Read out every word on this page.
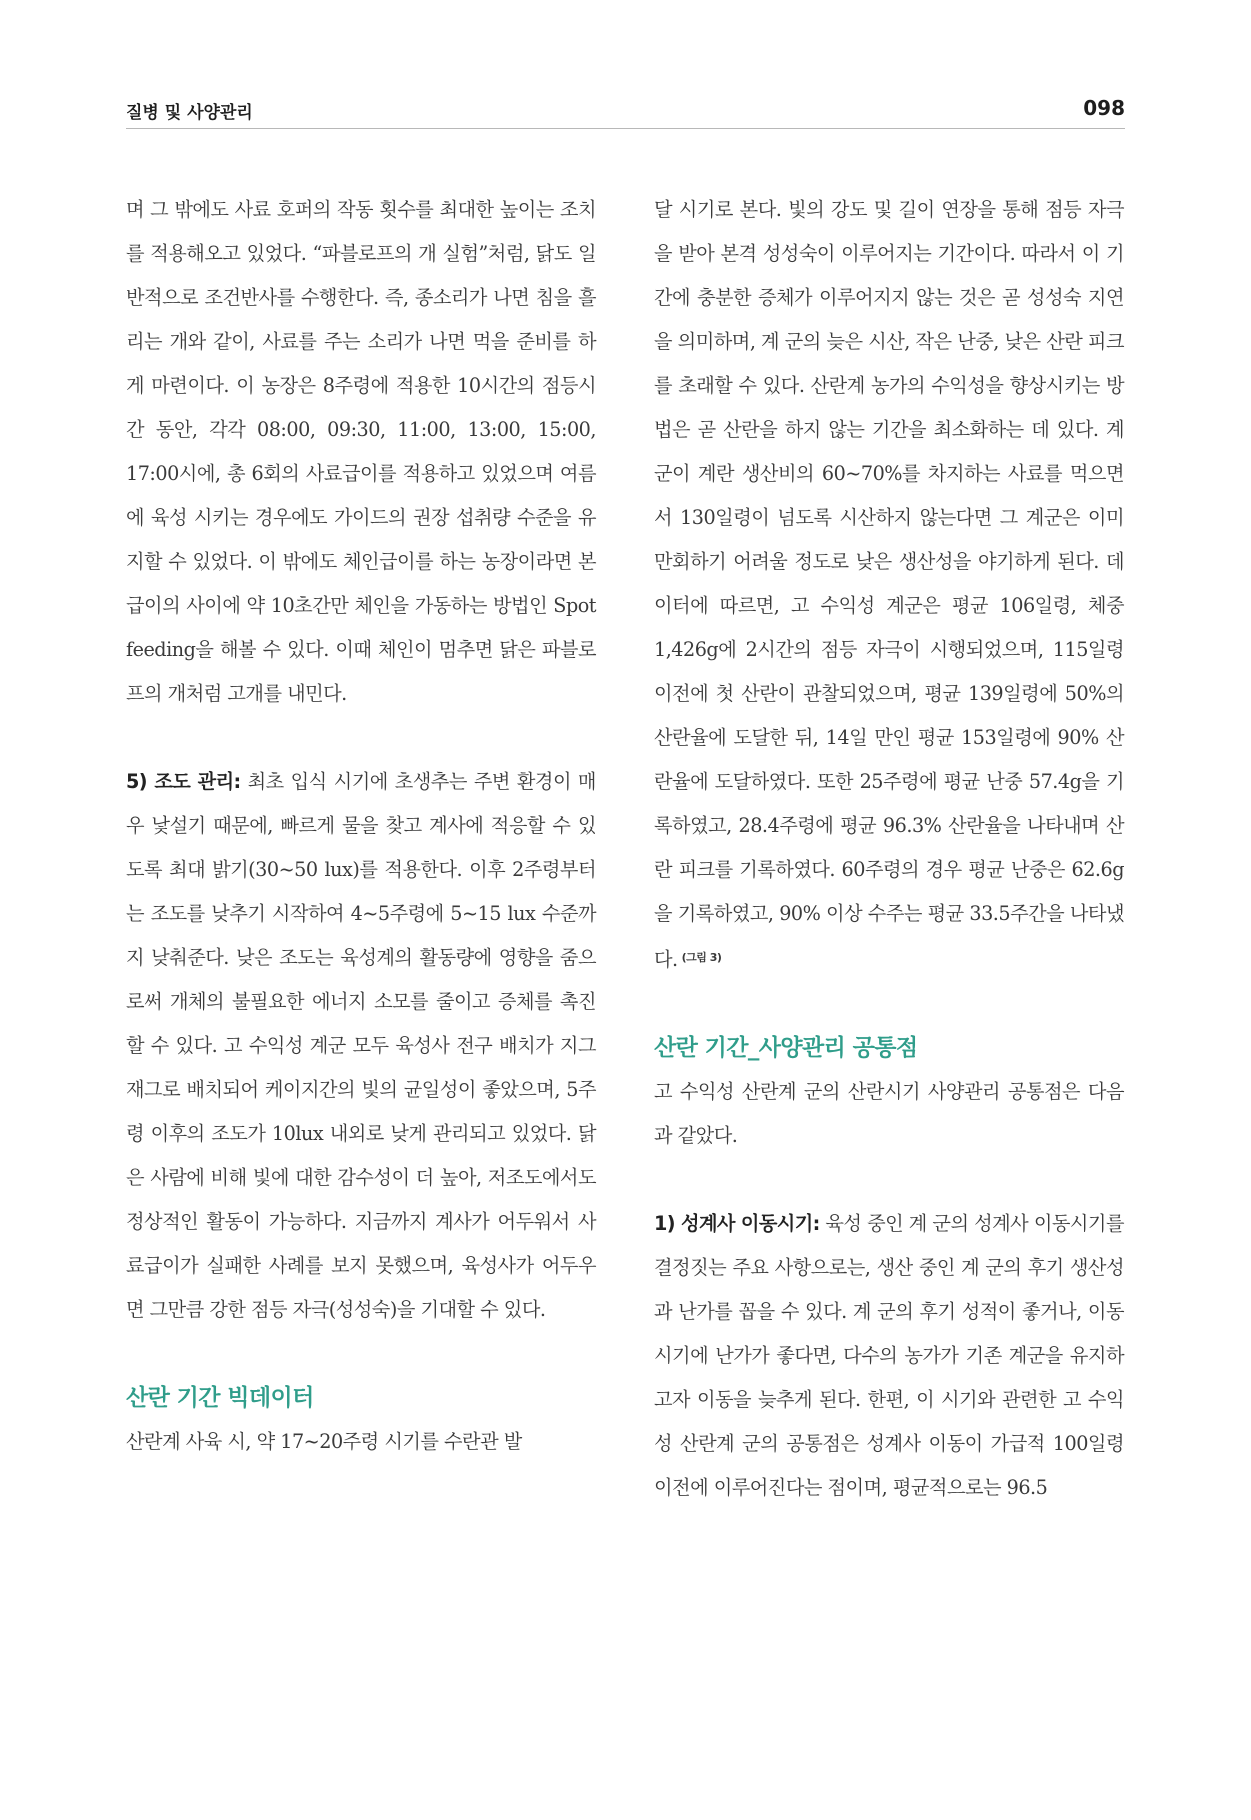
질병 및 사양관리	098

며 그 밖에도 사료 호퍼의 작동 횟수를 최대한 높이는 조치를 적용해오고 있었다. “파블로프의 개 실험”처럼, 닭도 일반적으로 조건반사를 수행한다. 즉, 종소리가 나면 침을 흘리는 개와 같이, 사료를 주는 소리가 나면 먹을 준비를 하게 마련이다. 이 농장은 8주령에 적용한 10시간의 점등시간 동안, 각각 08:00, 09:30, 11:00, 13:00, 15:00, 17:00시에, 총 6회의 사료급이를 적용하고 있었으며 여름에 육성 시키는 경우에도 가이드의 권장 섭취량 수준을 유지할 수 있었다. 이 밖에도 체인급이를 하는 농장이라면 본 급이의 사이에 약 10초간만 체인을 가동하는 방법인 Spot feeding을 해볼 수 있다. 이때 체인이 멈추면 닭은 파블로프의 개처럼 고개를 내민다.

5) 조도 관리: 최초 입식 시기에 초생추는 주변 환경이 매우 낯설기 때문에, 빠르게 물을 찾고 계사에 적응할 수 있도록 최대 밝기(30~50 lux)를 적용한다. 이후 2주령부터는 조도를 낮추기 시작하여 4~5주령에 5~15 lux 수준까지 낮춰준다. 낮은 조도는 육성계의 활동량에 영향을 줌으로써 개체의 불필요한 에너지 소모를 줄이고 증체를 촉진할 수 있다. 고 수익성 계군 모두 육성사 전구 배치가 지그재그로 배치되어 케이지간의 빛의 균일성이 좋았으며, 5주령 이후의 조도가 10lux 내외로 낮게 관리되고 있었다. 닭은 사람에 비해 빛에 대한 감수성이 더 높아, 저조도에서도 정상적인 활동이 가능하다. 지금까지 계사가 어두워서 사료급이가 실패한 사례를 보지 못했으며, 육성사가 어두우면 그만큼 강한 점등 자극(성성숙)을 기대할 수 있다.

산란 기간 빅데이터

산란계 사육 시, 약 17~20주령 시기를 수란관 발

달 시기로 본다. 빛의 강도 및 길이 연장을 통해 점등 자극을 받아 본격 성성숙이 이루어지는 기간이다. 따라서 이 기간에 충분한 증체가 이루어지지 않는 것은 곧 성성숙 지연을 의미하며, 계 군의 늦은 시산, 작은 난중, 낮은 산란 피크를 초래할 수 있다. 산란계 농가의 수익성을 향상시키는 방법은 곧 산란을 하지 않는 기간을 최소화하는 데 있다. 계 군이 계란 생산비의 60~70%를 차지하는 사료를 먹으면서 130일령이 넘도록 시산하지 않는다면 그 계군은 이미 만회하기 어려울 정도로 낮은 생산성을 야기하게 된다. 데이터에 따르면, 고 수익성 계군은 평균 106일령, 체중 1,426g에 2시간의 점등 자극이 시행되었으며, 115일령 이전에 첫 산란이 관찰되었으며, 평균 139일령에 50%의 산란율에 도달한 뒤, 14일 만인 평균 153일령에 90% 산란율에 도달하였다. 또한 25주령에 평균 난중 57.4g을 기록하였고, 28.4주령에 평균 96.3% 산란율을 나타내며 산란 피크를 기록하였다. 60주령의 경우 평균 난중은 62.6g을 기록하였고, 90% 이상 수주는 평균 33.5주간을 나타냈다. $^{(그림 3)}$

산란 기간_사양관리 공통점

고 수익성 산란계 군의 산란시기 사양관리 공통점은 다음과 같았다.

1) 성계사 이동시기: 육성 중인 계 군의 성계사 이동시기를 결정짓는 주요 사항으로는, 생산 중인 계 군의 후기 생산성과 난가를 꼽을 수 있다. 계 군의 후기 성적이 좋거나, 이동시기에 난가가 좋다면, 다수의 농가가 기존 계군을 유지하고자 이동을 늦추게 된다. 한편, 이 시기와 관련한 고 수익성 산란계 군의 공통점은 성계사 이동이 가급적 100일령 이전에 이루어진다는 점이며, 평균적으로는 96.5
